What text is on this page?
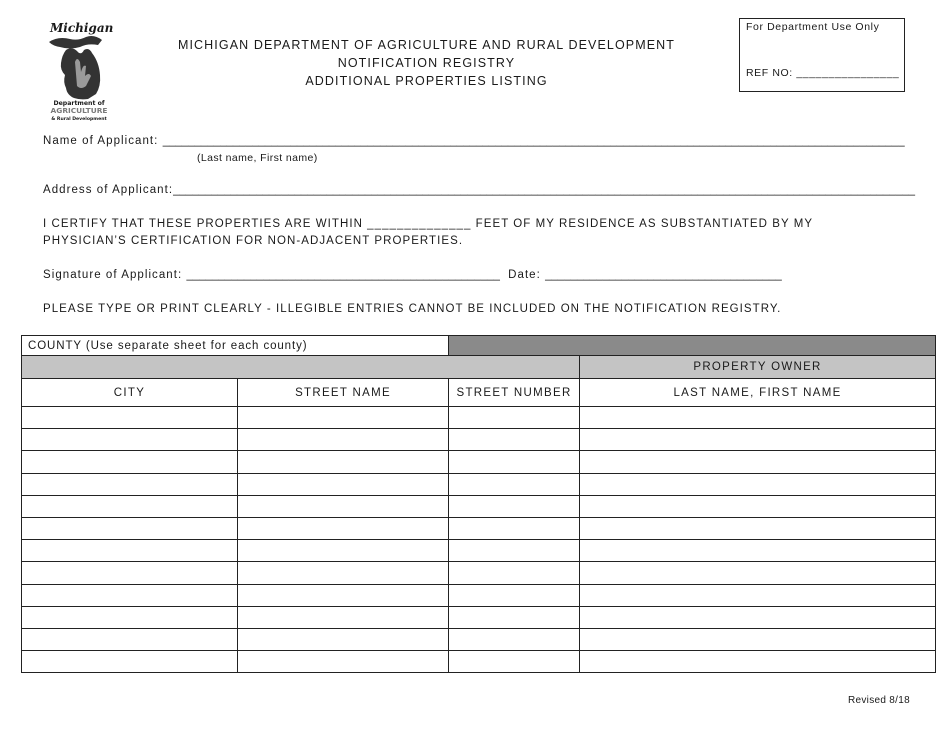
Michigan
Department of
AGRICULTURE
& Rural Development
MICHIGAN DEPARTMENT OF AGRICULTURE AND RURAL DEVELOPMENT
NOTIFICATION REGISTRY
ADDITIONAL PROPERTIES LISTING
For Department Use Only
REF NO: ________________
Name of Applicant: ____________________________________________________________________________________________________________________
(Last name, First name)
Address of Applicant:____________________________________________________________________________________________________________________
I CERTIFY THAT THESE PROPERTIES ARE WITHIN ______________ FEET OF MY RESIDENCE AS SUBSTANTIATED BY MY
PHYSICIAN’S CERTIFICATION FOR NON-ADJACENT PROPERTIES.
Signature of Applicant: _________________________________________________ Date: _____________________________________
PLEASE TYPE OR PRINT CLEARLY - ILLEGIBLE ENTRIES CANNOT BE INCLUDED ON THE NOTIFICATION REGISTRY.
COUNTY (Use separate sheet for each county)			
			PROPERTY OWNER
CITY	STREET NAME	STREET NUMBER	LAST NAME, FIRST NAME

Revised 8/18
